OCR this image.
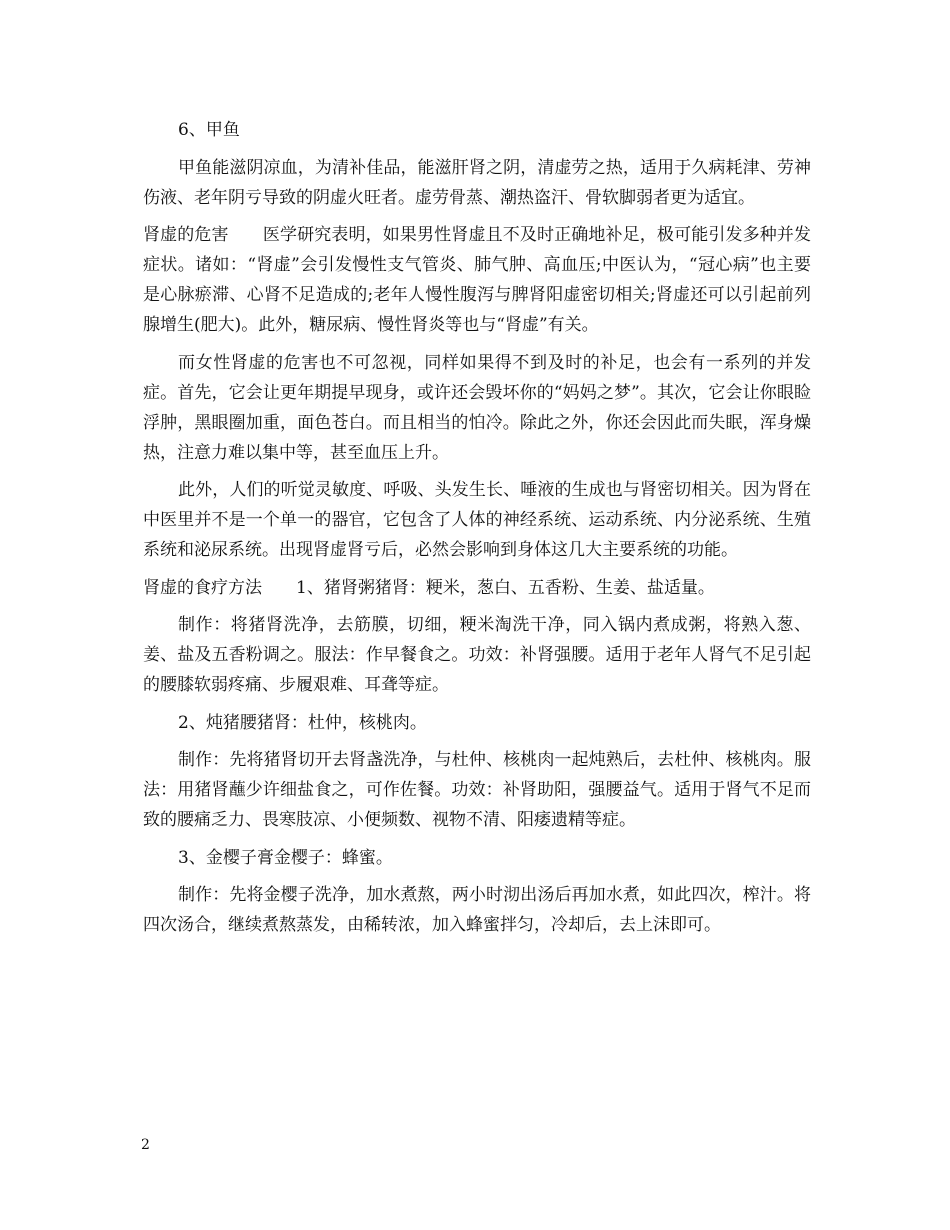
6、甲鱼

甲鱼能滋阴凉血，为清补佳品，能滋肝肾之阴，清虚劳之热，适用于久病耗津、劳神伤液、老年阴亏导致的阴虚火旺者。虚劳骨蒸、潮热盗汗、骨软脚弱者更为适宜。

肾虚的危害 医学研究表明，如果男性肾虚且不及时正确地补足，极可能引发多种并发症状。诸如：“肾虚”会引发慢性支气管炎、肺气肿、高血压;中医认为，“冠心病”也主要是心脉瘀滞、心肾不足造成的;老年人慢性腹泻与脾肾阳虚密切相关;肾虚还可以引起前列腺增生(肥大)。此外，糖尿病、慢性肾炎等也与“肾虚”有关。

而女性肾虚的危害也不可忽视，同样如果得不到及时的补足，也会有一系列的并发症。首先，它会让更年期提早现身，或许还会毁坏你的“妈妈之梦”。其次，它会让你眼睑浮肿，黑眼圈加重，面色苍白。而且相当的怕冷。除此之外，你还会因此而失眠，浑身燥热，注意力难以集中等，甚至血压上升。

此外，人们的听觉灵敏度、呼吸、头发生长、唾液的生成也与肾密切相关。因为肾在中医里并不是一个单一的器官，它包含了人体的神经系统、运动系统、内分泌系统、生殖系统和泌尿系统。出现肾虚肾亏后，必然会影响到身体这几大主要系统的功能。

肾虚的食疗方法 1、猪肾粥猪肾：粳米，葱白、五香粉、生姜、盐适量。

制作：将猪肾洗净，去筋膜，切细，粳米淘洗干净，同入锅内煮成粥，将熟入葱、姜、盐及五香粉调之。服法：作早餐食之。功效：补肾强腰。适用于老年人肾气不足引起的腰膝软弱疼痛、步履艰难、耳聋等症。

2、炖猪腰猪肾：杜仲，核桃肉。

制作：先将猪肾切开去肾盏洗净，与杜仲、核桃肉一起炖熟后，去杜仲、核桃肉。服法：用猪肾蘸少许细盐食之，可作佐餐。功效：补肾助阳，强腰益气。适用于肾气不足而致的腰痛乏力、畏寒肢凉、小便频数、视物不清、阳痿遗精等症。

3、金樱子膏金樱子：蜂蜜。

制作：先将金樱子洗净，加水煮熬，两小时沏出汤后再加水煮，如此四次，榨汁。将四次汤合，继续煮熬蒸发，由稀转浓，加入蜂蜜拌匀，冷却后，去上沫即可。

2
